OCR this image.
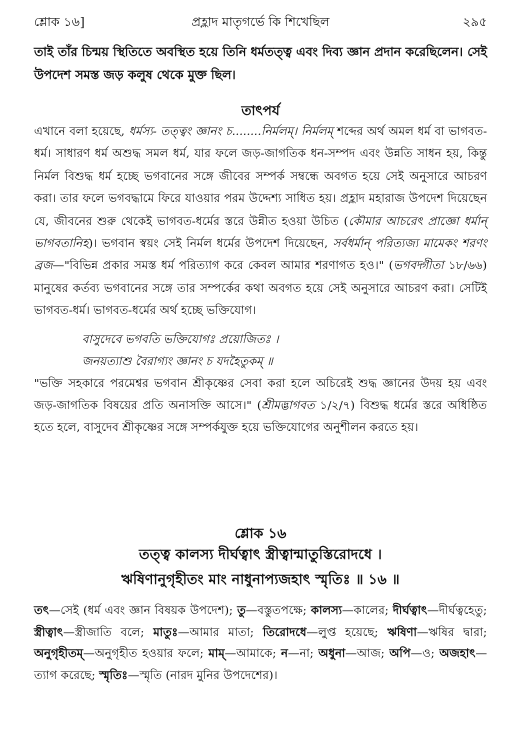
শ্লোক ১৬]	প্রহ্লাদ মাতৃগর্ভে কি শিখেছিল	২৯৫
তাই তাঁর চিন্ময় স্থিতিতে অবস্থিত হয়ে তিনি ধর্মতত্ত্ব এবং দিব্য জ্ঞান প্রদান করেছিলেন। সেই উপদেশ সমস্ত জড় কলুষ থেকে মুক্ত ছিল।
তাৎপর্য

এখানে বলা হয়েছে, ধর্মস্য- তত্ত্বং জ্ঞানং চ........নির্মলম্। নির্মলম্ শব্দের অর্থ অমল ধর্ম বা ভাগবত-ধর্ম। সাধারণ ধর্ম অশুদ্ধ সমল ধর্ম, যার ফলে জড়-জাগতিক ধন-সম্পদ এবং উন্নতি সাধন হয়, কিন্তু নির্মল বিশুদ্ধ ধর্ম হচ্ছে ভগবানের সঙ্গে জীবের সম্পর্ক সম্বন্ধে অবগত হয়ে সেই অনুসারে আচরণ করা। তার ফলে ভগবদ্ধামে ফিরে যাওয়ার পরম উদ্দেশ্য সাধিত হয়। প্রহ্লাদ মহারাজ উপদেশ দিয়েছেন যে, জীবনের শুরু থেকেই ভাগবত-ধর্মের স্তরে উন্নীত হওয়া উচিত (কৌমার আচরেৎ প্রাজ্ঞো ধর্মান্ ভাগবতানিহ)। ভগবান স্বয়ং সেই নির্মল ধর্মের উপদেশ দিয়েছেন, সর্বধর্মান্ পরিত্যজ্য মামেকং শরণং ব্রজ—"বিভিন্ন প্রকার সমস্ত ধর্ম পরিত্যাগ করে কেবল আমার শরণাগত হও।" (ভগবদ্গীতা ১৮/৬৬) মানুষের কর্তব্য ভগবানের সঙ্গে তার সম্পর্কের কথা অবগত হয়ে সেই অনুসারে আচরণ করা। সেটিই ভাগবত-ধর্ম। ভাগবত-ধর্মের অর্থ হচ্ছে ভক্তিযোগ।

বাসুদেবে ভগবতি ভক্তিযোগঃ প্রয়োজিতঃ ।
জনয়ত্যাশু বৈরাগ্যং জ্ঞানং চ যদহৈতুকম্ ॥

"ভক্তি সহকারে পরমেশ্বর ভগবান শ্রীকৃষ্ণের সেবা করা হলে অচিরেই শুদ্ধ জ্ঞানের উদয় হয় এবং জড়-জাগতিক বিষয়ের প্রতি অনাসক্তি আসে।" (শ্রীমদ্ভাগবত ১/২/৭) বিশুদ্ধ ধর্মের স্তরে অধিষ্ঠিত হতে হলে, বাসুদেব শ্রীকৃষ্ণের সঙ্গে সম্পর্কযুক্ত হয়ে ভক্তিযোগের অনুশীলন করতে হয়।

শ্লোক ১৬
তত্ত্ব কালস্য দীর্ঘত্বাৎ স্ত্রীত্বান্মাতুস্তিরোদধে ।
ঋষিণানুগৃহীতং মাং নাধুনাপ্যজহাৎ স্মৃতিঃ ॥ ১৬ ॥
তৎ—সেই (ধর্ম এবং জ্ঞান বিষয়ক উপদেশ); তু—বস্তুতপক্ষে; কালস্য—কালের; দীর্ঘত্বাৎ—দীর্ঘত্বহেতু; স্ত্রীত্বাৎ—স্ত্রীজাতি বলে; মাতুঃ—আমার মাতা; তিরোদধে—লুপ্ত হয়েছে; ঋষিণা—ঋষির দ্বারা; অনুগৃহীতম্—অনুগৃহীত হওয়ার ফলে; মাম্—আমাকে; ন—না; অধুনা—আজ; অপি—ও; অজহাৎ—ত্যাগ করেছে; স্মৃতিঃ—স্মৃতি (নারদ মুনির উপদেশের)।
